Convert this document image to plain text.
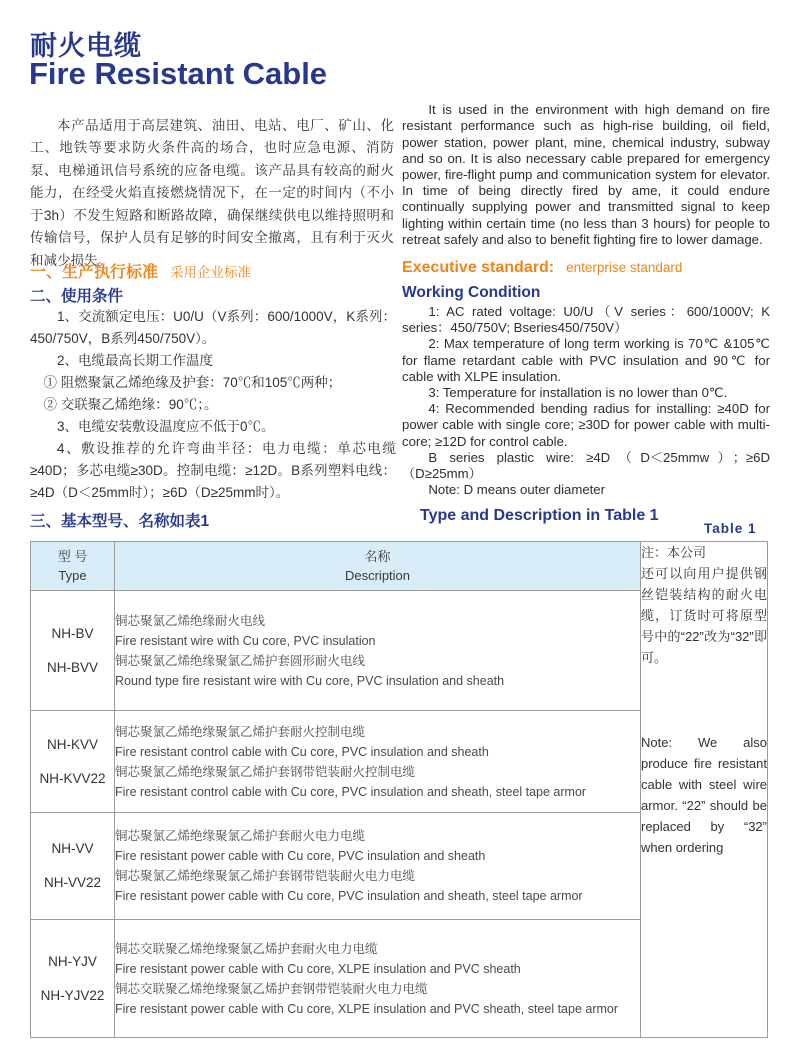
耐火电缆
Fire Resistant Cable

本产品适用于高层建筑、油田、电站、电厂、矿山、化工、地铁等要求防火条件高的场合，也时应急电源、消防泵、电梯通讯信号系统的应备电缆。该产品具有较高的耐火能力，在经受火焰直接燃烧情况下，在一定的时间内（不小于3h）不发生短路和断路故障，确保继续供电以维持照明和传输信号，保护人员有足够的时间安全撤离，且有利于灭火和减少损失。

It is used in the environment with high demand on fire resistant performance such as high-rise building, oil field, power station, power plant, mine, chemical industry, subway and so on. It is also necessary cable prepared for emergency power, fire-flight pump and communication system for elevator. In time of being directly fired by ame, it could endure continually supplying power and transmitted signal to keep lighting within certain time (no less than 3 hours) for people to retreat safely and also to benefit fighting fire to lower damage.

一、生产执行标准 采用企业标准	Executive standard: enterprise standard
二、使用条件	Working Condition

1、交流额定电压：U0/U（V系列：600/1000V，K系列：450/750V，B系列450/750V）。

2、电缆最高长期工作温度

① 阻燃聚氯乙烯绝缘及护套：70℃和105℃两种；

② 交联聚乙烯绝缘：90℃；。

3、电缆安装敷设温度应不低于0℃。

4、敷设推荐的允许弯曲半径：电力电缆：单芯电缆≥40D；多芯电缆≥30D。控制电缆：≥12D。B系列塑料电线：≥4D（D＜25mm时）；≥6D（D≥25mm时）。

1: AC rated voltage: U0/U（V series：600/1000V; K series：450/750V; Bseries450/750V）

2: Max temperature of long term working is 70℃ &105℃ for flame retardant cable with PVC insulation and 90℃ for cable with XLPE insulation.

3: Temperature for installation is no lower than 0℃.

4: Recommended bending radius for installing: ≥40D for power cable with single core; ≥30D for power cable with multi-core; ≥12D for control cable.

B series plastic wire: ≥4D（D＜25mmw）；≥6D（D≥25mm）

Note: D means outer diameter

三、基本型号、名称如表1	Type and Description in Table 1
Table 1
型 号
Type

名称
Description

注：本公司

还可以向用户提供钢丝铠装结构的耐火电缆，订货时可将原型号中的“22”改为“32”即可。

Note: We also produce fire resistant cable with steel wire armor. “22” should be replaced by “32” when ordering

NH-BV
NH-BVV

铜芯聚氯乙烯绝缘耐火电线
Fire resistant wire with Cu core, PVC insulation
铜芯聚氯乙烯绝缘聚氯乙烯护套圆形耐火电线
Round type fire resistant wire with Cu core, PVC insulation and sheath

NH-KVV
NH-KVV22

铜芯聚氯乙烯绝缘聚氯乙烯护套耐火控制电缆
Fire resistant control cable with Cu core, PVC insulation and sheath
铜芯聚氯乙烯绝缘聚氯乙烯护套钢带铠装耐火控制电缆
Fire resistant control cable with Cu core, PVC insulation and sheath, steel tape armor

NH-VV
NH-VV22

铜芯聚氯乙烯绝缘聚氯乙烯护套耐火电力电缆
Fire resistant power cable with Cu core, PVC insulation and sheath
铜芯聚氯乙烯绝缘聚氯乙烯护套钢带铠装耐火电力电缆
Fire resistant power cable with Cu core, PVC insulation and sheath, steel tape armor

NH-YJV
NH-YJV22

铜芯交联聚乙烯绝缘聚氯乙烯护套耐火电力电缆
Fire resistant power cable with Cu core, XLPE insulation and PVC sheath
铜芯交联聚乙烯绝缘聚氯乙烯护套钢带铠装耐火电力电缆
Fire resistant power cable with Cu core, XLPE insulation and PVC sheath, steel tape armor
